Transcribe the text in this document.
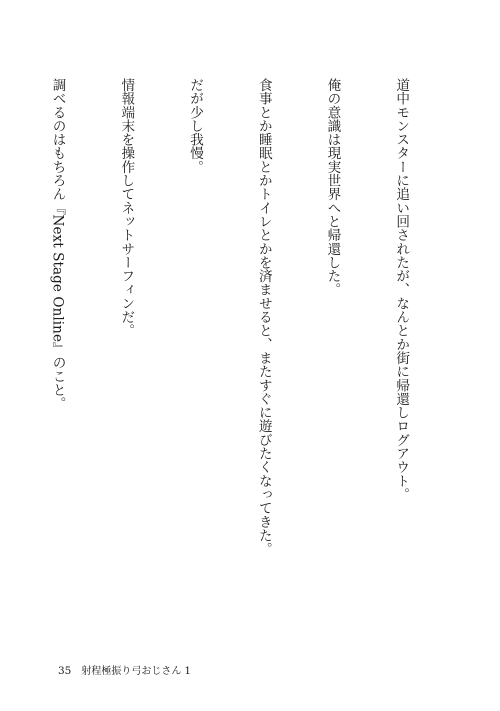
道中モンスターに追い回されたが、なんとか街に帰還しログアウト。

俺の意識は現実世界へと帰還した。

食事とか睡眠とかトイレとかを済ませると、またすぐに遊びたくなってきた。

だが少し我慢。

情報端末を操作してネットサーフィンだ。

調べるのはもちろん『Next Stage Online』のこと。

35 射程極振り弓おじさん 1
